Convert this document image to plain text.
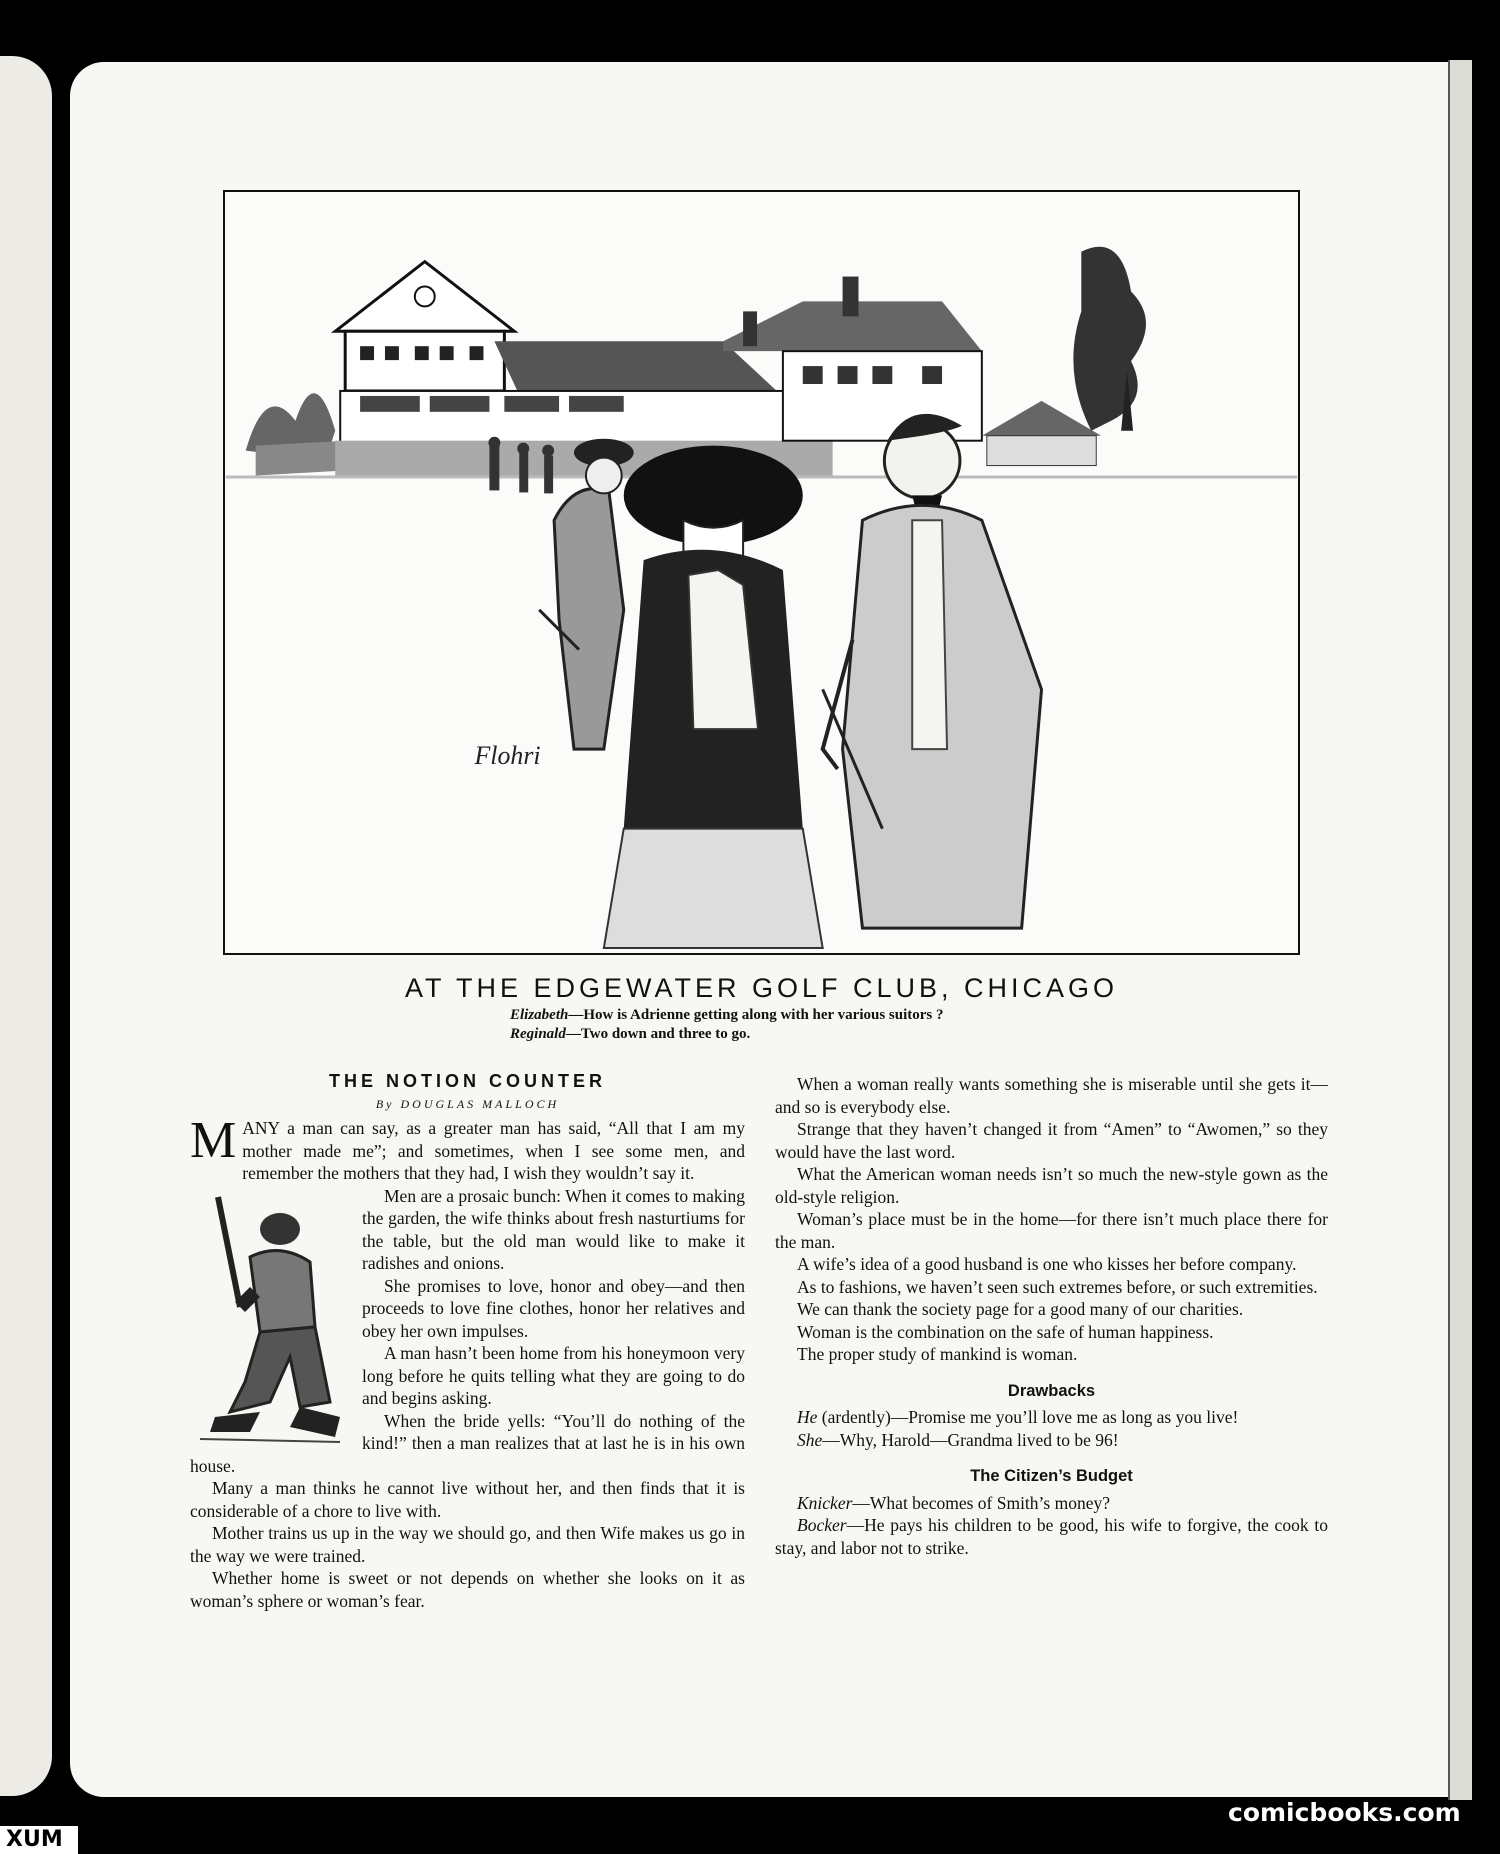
Flohri
AT THE EDGEWATER GOLF CLUB, CHICAGO
Elizabeth—How is Adrienne getting along with her various suitors ?
Reginald—Two down and three to go.
THE NOTION COUNTER
By DOUGLAS MALLOCH

MANY a man can say, as a greater man has said, “All that I am my mother made me”; and sometimes, when I see some men, and remember the mothers that they had, I wish they wouldn’t say it.

Men are a prosaic bunch: When it comes to making the garden, the wife thinks about fresh nasturtiums for the table, but the old man would like to make it radishes and onions.

She promises to love, honor and obey—and then proceeds to love fine clothes, honor her relatives and obey her own impulses.

A man hasn’t been home from his honeymoon very long before he quits telling what they are going to do and begins asking.

When the bride yells: “You’ll do nothing of the kind!” then a man realizes that at last he is in his own house.

Many a man thinks he cannot live without her, and then finds that it is considerable of a chore to live with.

Mother trains us up in the way we should go, and then Wife makes us go in the way we were trained.

Whether home is sweet or not depends on whether she looks on it as woman’s sphere or woman’s fear.

When a woman really wants something she is miserable until she gets it—and so is everybody else.

Strange that they haven’t changed it from “Amen” to “Awomen,” so they would have the last word.

What the American woman needs isn’t so much the new-style gown as the old-style religion.

Woman’s place must be in the home—for there isn’t much place there for the man.

A wife’s idea of a good husband is one who kisses her before company.

As to fashions, we haven’t seen such extremes before, or such extremities.

We can thank the society page for a good many of our charities.

Woman is the combination on the safe of human happiness.

The proper study of mankind is woman.

Drawbacks

He (ardently)—Promise me you’ll love me as long as you live!

She—Why, Harold—Grandma lived to be 96!

The Citizen’s Budget

Knicker—What becomes of Smith’s money?

Bocker—He pays his children to be good, his wife to forgive, the cook to stay, and labor not to strike.

comicbooks.com
XUM
